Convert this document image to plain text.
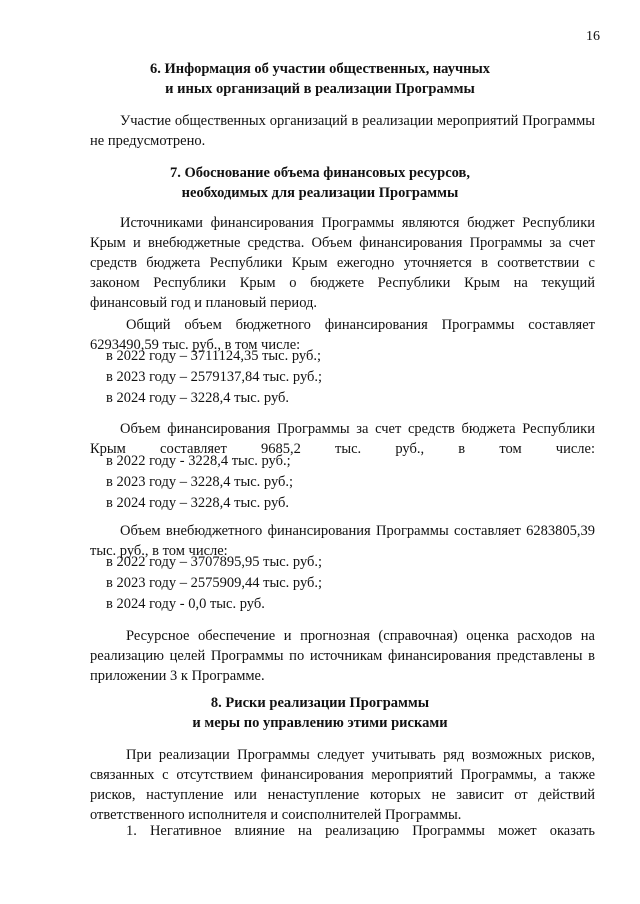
16
6. Информация об участии общественных, научных
и иных организаций в реализации Программы

Участие общественных организаций в реализации мероприятий Программы не предусмотрено.

7. Обоснование объема финансовых ресурсов,
необходимых для реализации Программы

Источниками финансирования Программы являются бюджет Республики Крым и внебюджетные средства. Объем финансирования Программы за счет средств бюджета Республики Крым ежегодно уточняется в соответствии с законом Республики Крым о бюджете Республики Крым на текущий финансовый год и плановый период.

Общий объем бюджетного финансирования Программы составляет 6293490,59 тыс. руб., в том числе:

в 2022 году – 3711124,35 тыс. руб.;
в 2023 году – 2579137,84 тыс. руб.;
в 2024 году – 3228,4 тыс. руб.

Объем финансирования Программы за счет средств бюджета Республики Крым составляет 9685,2 тыс. руб., в том числе:

в 2022 году - 3228,4 тыс. руб.;
в 2023 году – 3228,4 тыс. руб.;
в 2024 году – 3228,4 тыс. руб.

Объем внебюджетного финансирования Программы составляет 6283805,39 тыс. руб., в том числе:

в 2022 году – 3707895,95 тыс. руб.;
в 2023 году – 2575909,44 тыс. руб.;
в 2024 году - 0,0 тыс. руб.

Ресурсное обеспечение и прогнозная (справочная) оценка расходов на реализацию целей Программы по источникам финансирования представлены в приложении 3 к Программе.

8. Риски реализации Программы
и меры по управлению этими рисками

При реализации Программы следует учитывать ряд возможных рисков, связанных с отсутствием финансирования мероприятий Программы, а также рисков, наступление или ненаступление которых не зависит от действий ответственного исполнителя и соисполнителей Программы.

1. Негативное влияние на реализацию Программы может оказать
